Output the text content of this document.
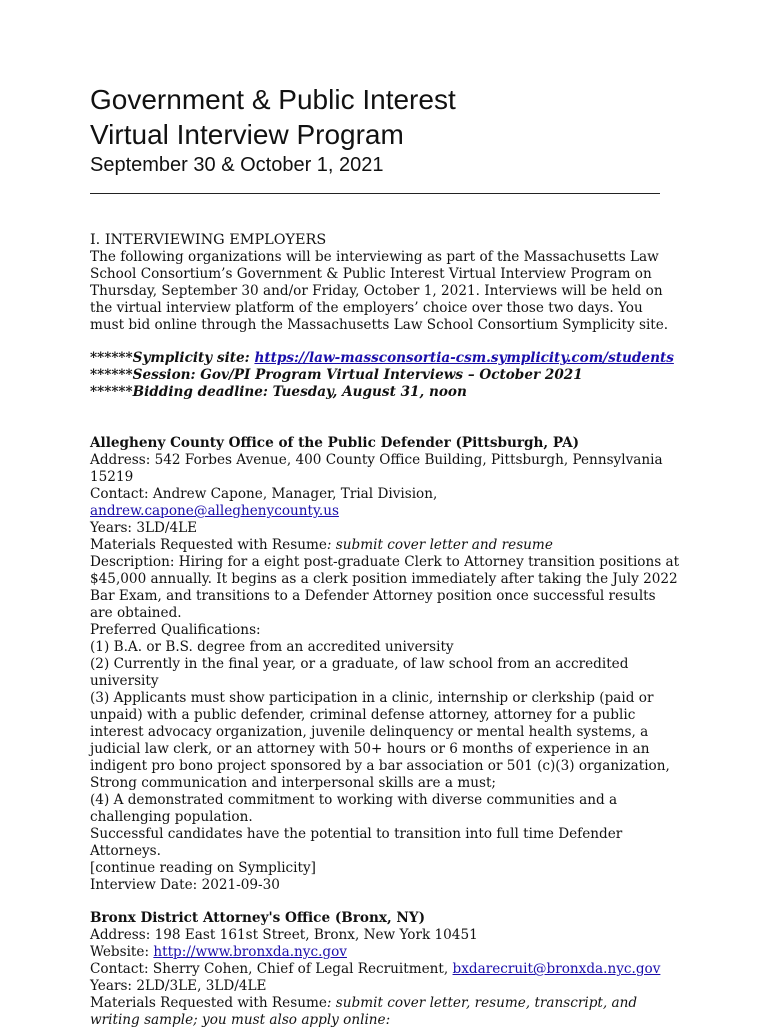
Government & Public Interest
Virtual Interview Program
September 30 & October 1, 2021

I. INTERVIEWING EMPLOYERS

The following organizations will be interviewing as part of the Massachusetts Law School Consortium’s Government & Public Interest Virtual Interview Program on Thursday, September 30 and/or Friday, October 1, 2021. Interviews will be held on the virtual interview platform of the employers’ choice over those two days. You must bid online through the Massachusetts Law School Consortium Symplicity site.

******Symplicity site: https://law-massconsortia-csm.symplicity.com/students

******Session: Gov/PI Program Virtual Interviews – October 2021

******Bidding deadline: Tuesday, August 31, noon

Allegheny County Office of the Public Defender (Pittsburgh, PA)

Address: 542 Forbes Avenue, 400 County Office Building, Pittsburgh, Pennsylvania 15219

Contact: Andrew Capone, Manager, Trial Division, andrew.capone@alleghenycounty.us

Years: 3LD/4LE

Materials Requested with Resume: submit cover letter and resume

Description: Hiring for a eight post-graduate Clerk to Attorney transition positions at $45,000 annually. It begins as a clerk position immediately after taking the July 2022 Bar Exam, and transitions to a Defender Attorney position once successful results are obtained.

Preferred Qualifications:

(1) B.A. or B.S. degree from an accredited university

(2) Currently in the final year, or a graduate, of law school from an accredited university

(3) Applicants must show participation in a clinic, internship or clerkship (paid or unpaid) with a public defender, criminal defense attorney, attorney for a public interest advocacy organization, juvenile delinquency or mental health systems, a judicial law clerk, or an attorney with 50+ hours or 6 months of experience in an indigent pro bono project sponsored by a bar association or 501 (c)(3) organization, Strong communication and interpersonal skills are a must;

(4) A demonstrated commitment to working with diverse communities and a challenging population.

Successful candidates have the potential to transition into full time Defender Attorneys.

[continue reading on Symplicity]

Interview Date: 2021-09-30

Bronx District Attorney's Office (Bronx, NY)

Address: 198 East 161st Street, Bronx, New York 10451

Website: http://www.bronxda.nyc.gov

Contact: Sherry Cohen, Chief of Legal Recruitment, bxdarecruit@bronxda.nyc.gov

Years: 2LD/3LE, 3LD/4LE

Materials Requested with Resume: submit cover letter, resume, transcript, and writing sample; you must also apply online:
